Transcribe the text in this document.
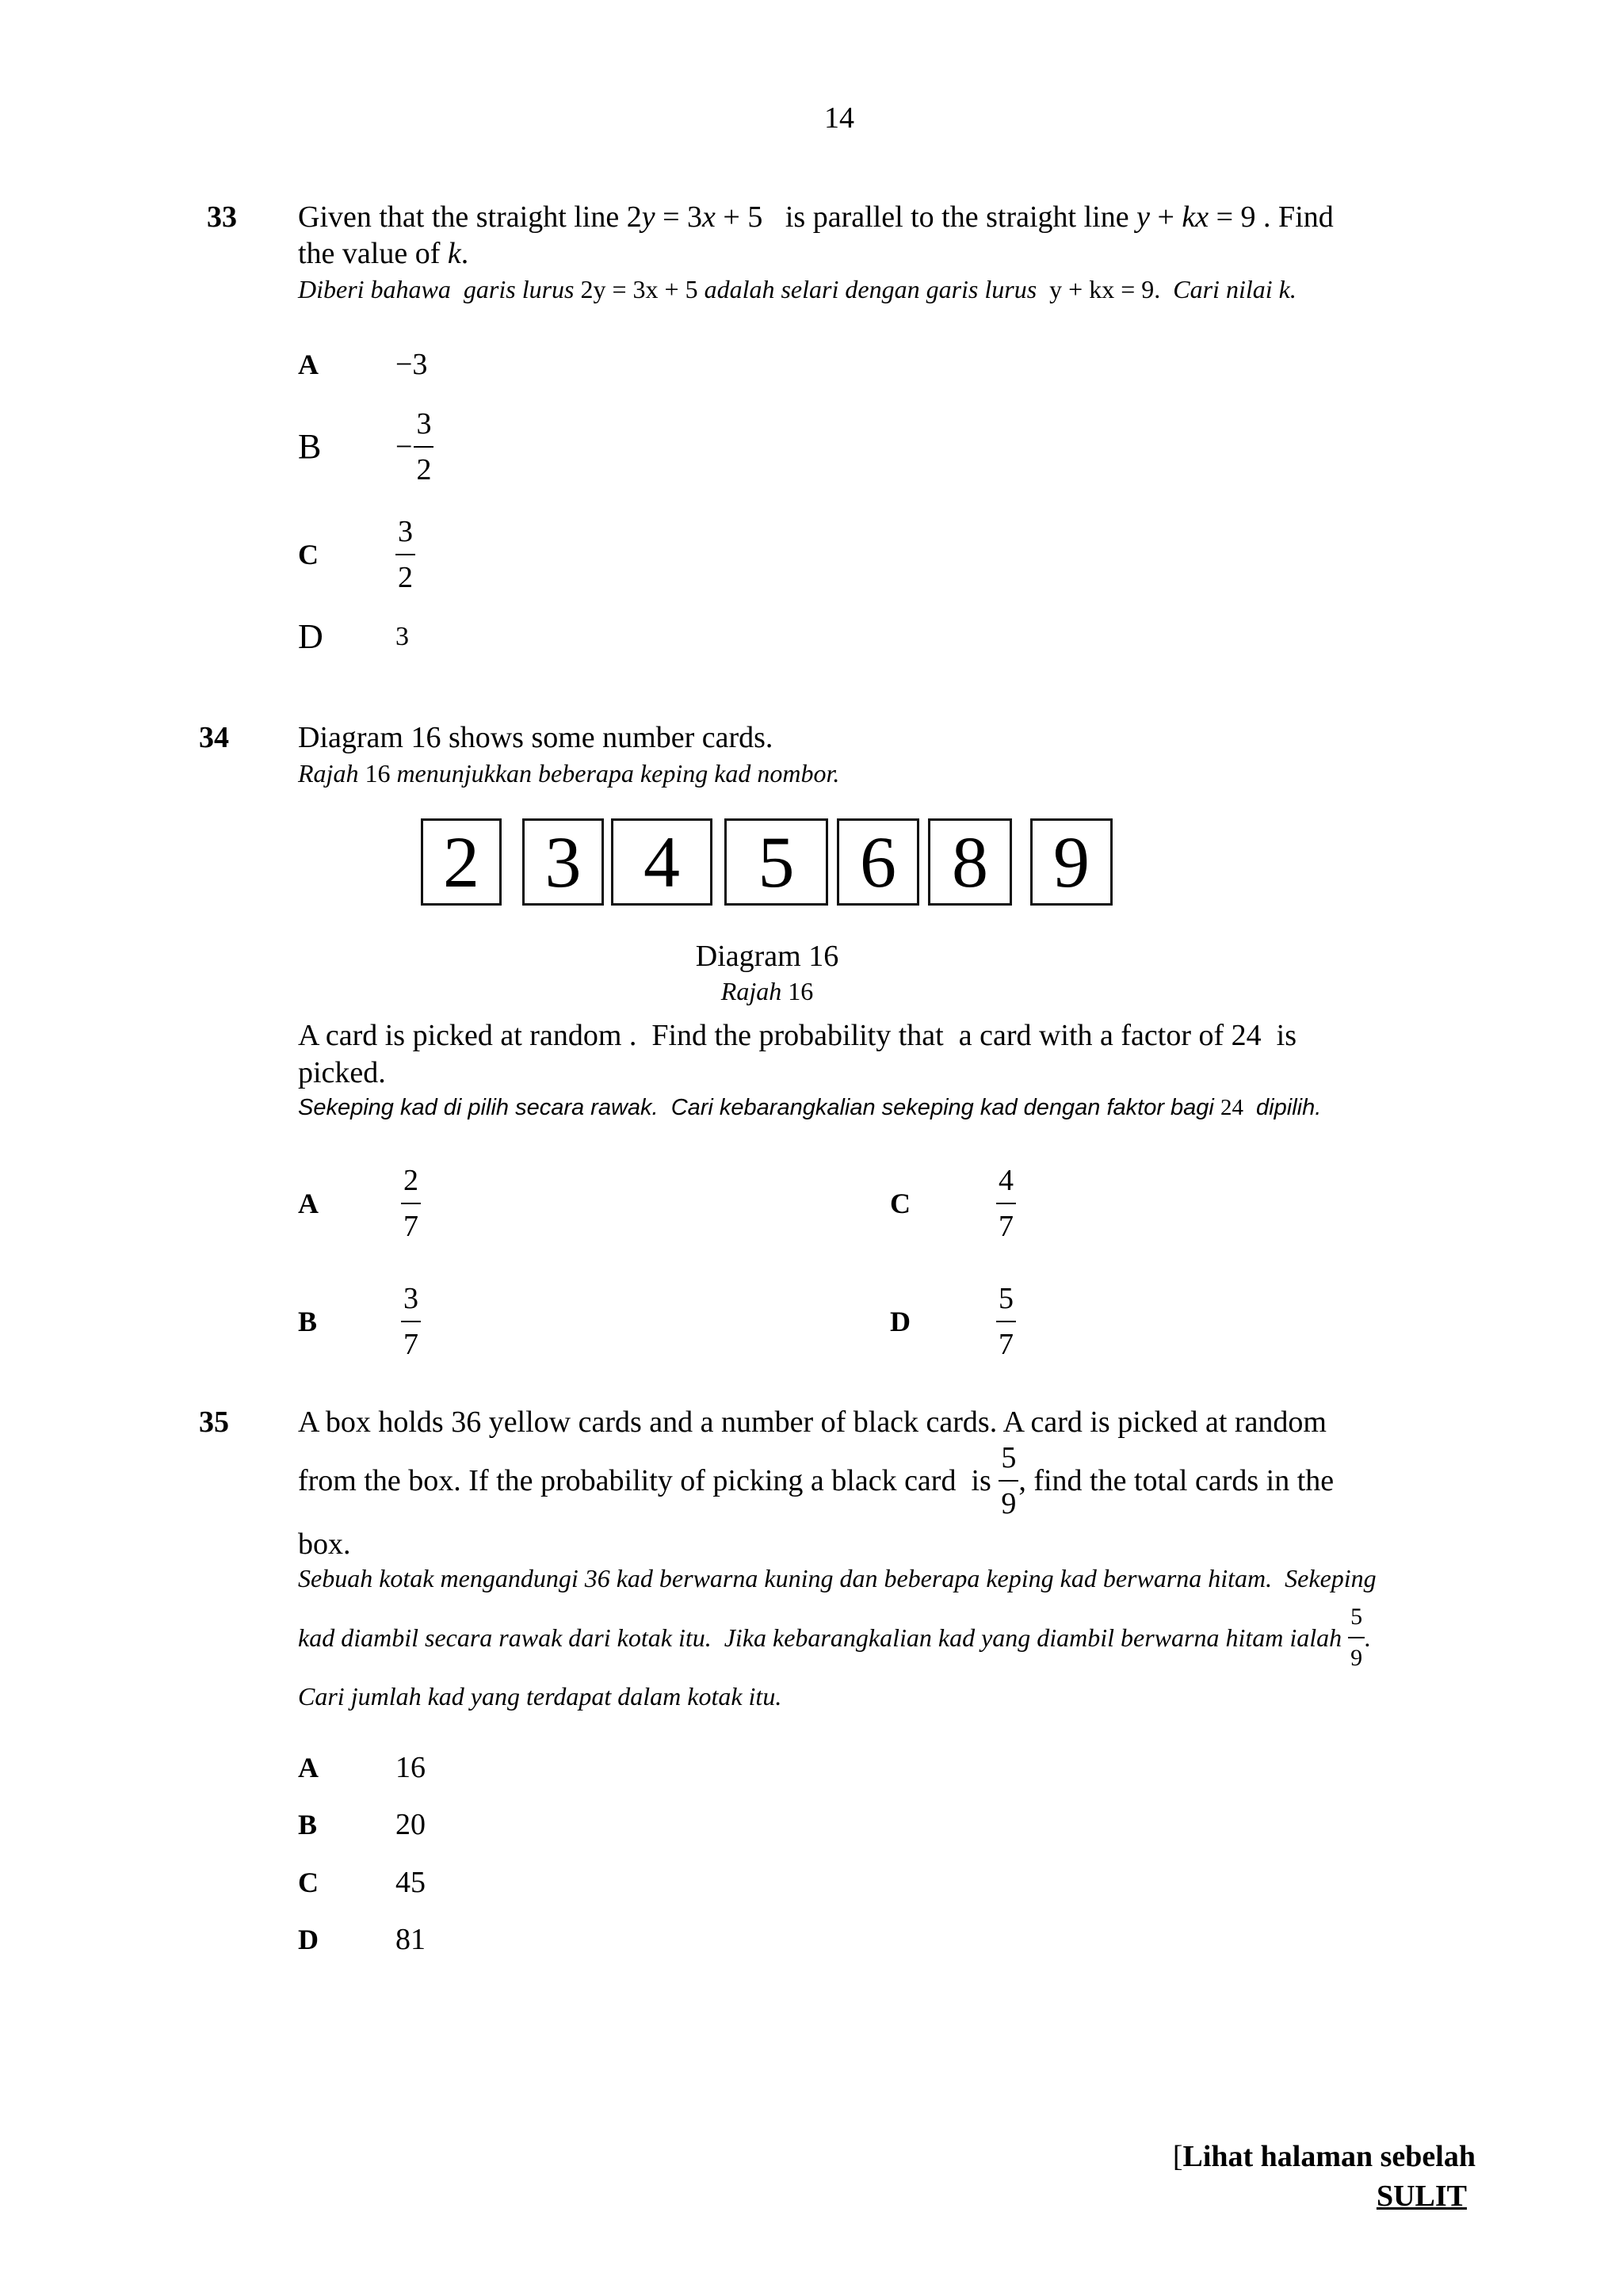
14
33 Given that the straight line 2y = 3x + 5   is parallel to the straight line y + kx = 9 . Find
the value of k.
Diberi bahawa  garis lurus 2y = 3x + 5 adalah selari dengan garis lurus  y + kx = 9.  Cari nilai k.
A	−3
B	− $\frac{3}{2}$
C	$\frac{3}{2}$
D	3
34 Diagram 16 shows some number cards.
Rajah 16 menunjukkan beberapa keping kad nombor.
2 3 4	5 6 8 9
Diagram 16
Rajah 16
A card is picked at random .  Find the probability that  a card with a factor of 24  is
picked.
Sekeping kad di pilih secara rawak.  Cari kebarangkalian sekeping kad dengan faktor bagi 24  dipilih.
A	$\frac{2}{7}$
B	$\frac{3}{7}$
C	$\frac{4}{7}$
D	$\frac{5}{7}$
35 A box holds 36 yellow cards and a number of black cards. A card is picked at random
from the box. If the probability of picking a black card  is $\frac{5}{9}$ , find the total cards in the
box.
Sebuah kotak mengandungi 36 kad berwarna kuning dan beberapa keping kad berwarna hitam.  Sekeping
kad diambil secara rawak dari kotak itu.  Jika kebarangkalian kad yang diambil berwarna hitam ialah $\frac{5}{9}$ .
Cari jumlah kad yang terdapat dalam kotak itu.
A	16
B	20
C	45
D	81
[Lihat halaman sebelah
SULIT
